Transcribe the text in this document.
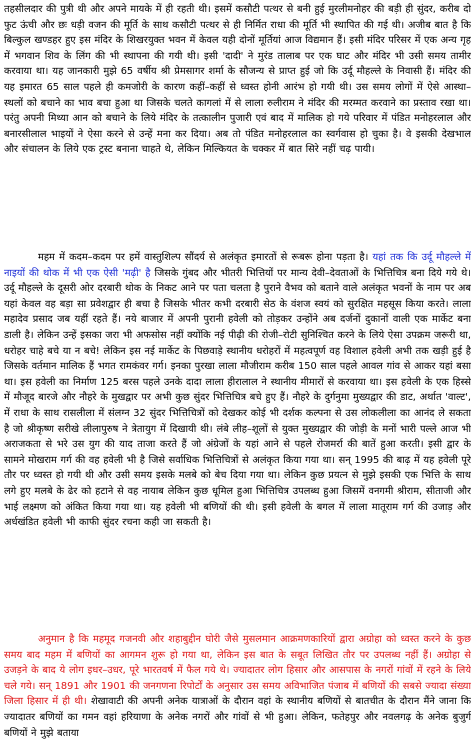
तहसीलदार की पुत्री थी और अपने मायके में ही रहती थी। इसमें कसौटी पत्थर से बनी हुई मुरलीमनोहर की बड़ी ही सुंदर, करीब दो फुट ऊंची और छः धड़ी वजन की मूर्ति के साथ कसौटी पत्थर से ही निर्मित राधा की मूर्ति भी स्थापित की गई थी। अजीब बात है कि बिल्कुल खण्डहर हुए इस मंदिर के शिखरयुक्त भवन में केवल यही दोनों मूर्तियां आज विद्यमान हैं। इसी मंदिर परिसर में एक अन्य गृह में भगवान शिव के लिंग की भी स्थापना की गयी थी। इसी 'दादी' ने मुरंड तालाब पर एक घाट और मंदिर भी उसी समय तामीर करवाया था। यह जानकारी मुझे 65 वर्षीय श्री प्रेमसागर शर्मा के सौजन्य से प्राप्त हुई जो कि उर्दू मौहल्ले के निवासी हैं। मंदिर की यह इमारत 65 साल पहले ही कमजोरी के कारण कहीं–कहीं से ध्वस्त होनी आरंभ हो गयी थी। उस समय लोगों में ऐसे आस्था–स्थलों को बचाने का भाव बचा हुआ था जिसके चलते कागलां में से लाला रुलीराम ने मंदिर की मरम्मत करवाने का प्रस्ताव रखा था। परंतु अपनी मिथ्या आन को बचाने के लिये मंदिर के तत्कालीन पुजारी एवं बाद में मालिक हो गये परिवार में पंडित मनोहरलाल और बनारसीलाल भाइयों ने ऐसा करने से उन्हें मना कर दिया। अब तो पंडित मनोहरलाल का स्वर्गवास हो चुका है। वे इसकी देखभाल और संचालन के लिये एक ट्रस्ट बनाना चाहते थे, लेकिन मिल्कियत के चक्कर में बात सिरे नहीं चढ़ पायी।

महम में कदम–कदम पर हमें वास्तुशिल्प सौंदर्य से अलंकृत इमारतों से रूबरू होना पड़ता है। यहां तक कि उर्दू मौहल्ले में नाइयों की थोक में भी एक ऐसी 'मढ़ी' है जिसके गुंबद और भीतरी भित्तियों पर मान्य देवी–देवताओं के भित्तिचित्र बना दिये गये थे। उर्दू मौहल्ले के दूसरी ओर दरबारी थोक के निकट आने पर पता चलता है पुराने वैभव को बताने वाले अलंकृत भवनों के नाम पर अब यहां केवल वह बड़ा सा प्रवेशद्वार ही बचा है जिसके भीतर कभी दरबारी सेठ के वंशज स्वयं को सुरक्षित महसूस किया करते। लाला महादेव प्रसाद जब यहीं रहते हैं। नये बाजार में अपनी पुरानी हवेली को तोड़कर उन्होंने अब दर्जनों दुकानों वाली एक मार्केट बना डाली है। लेकिन उन्हें इसका जरा भी अफसोस नहीं क्योंकि नई पीढ़ी की रोजी–रोटी सुनिश्चित करने के लिये ऐसा उपक्रम जरूरी था, धरोहर चाहे बचे या न बचे! लेकिन इस नई मार्केट के पिछवाड़े स्थानीय धरोहरों में महत्वपूर्ण वह विशाल हवेली अभी तक खड़ी हुई है जिसके वर्तमान मालिक हैं भगत रामकंवर गर्ग। इनका पुरखा लाला मौजीराम करीब 150 साल पहले आवल गांव से आकर यहां बसा था। इस हवेली का निर्माण 125 बरस पहले उनके दादा लाला हीरालाल ने स्थानीय मीमारों से करवाया था। इस हवेली के एक हिस्से में मौजूद बारजे और नौहरे के मुखद्वार पर अभी कुछ सुंदर भित्तिचित्र बचे हुए हैं। नौहरे के दुर्गनुमा मुख्यद्वार की डाट, अर्थात 'वाल्ट', में राधा के साथ रासलीला में संलग्न 32 सुंदर भित्तिचित्रों को देखकर कोई भी दर्शक कल्पना से उस लोकलीला का आनंद ले सकता है जो श्रीकृष्ण सरीखे लीलापुरुष ने त्रेतायुग में दिखायी थी। लंबे लीह–शूलों से युक्त मुख्यद्वार की जोड़ी के मनों भारी पल्ले आज भी अराजकता से भरे उस युग की याद ताजा करते हैं जो अंग्रेजों के यहां आने से पहले रोजमर्रा की बातें हुआ करती। इसी द्वार के सामने मोखराम गर्ग की वह हवेली भी है जिसे सर्वाधिक भित्तिचित्रों से अलंकृत किया गया था। सन् 1995 की बाढ़ में यह हवेली पूरे तौर पर ध्वस्त हो गयी थी और उसी समय इसके मलबे को बेच दिया गया था। लेकिन कुछ प्रयत्न से मुझे इसकी एक भित्ति के साथ लगे हुए मलबे के ढेर को हटाने से वह नायाब लेकिन कुछ धूमिल हुआ भित्तिचित्र उपलब्ध हुआ जिसमें वनगमी श्रीराम, सीताजी और भाई लक्ष्मण को अंकित किया गया था। यह हवेली भी बणियों की थी। इसी हवेली के बगल में लाला मातूराम गर्ग की उजाड़ और अर्धखंडित हवेली भी काफी सुंदर रचना कही जा सकती है।

अनुमान है कि महमूद गजनवी और शहाबुद्दीन घोरी जैसे मुसलमान आक्रमणकारियों द्वारा अग्रोहा को ध्वस्त करने के कुछ समय बाद महम में बणियों का आगमन शुरू हो गया था, लेकिन इस बात के सबूत लिखित तौर पर उपलब्ध नहीं हैं। अग्रोहा से उजड़ने के बाद ये लोग इधर–उधर, पूरे भारतवर्ष में फैल गये थे। ज्यादातर लोग हिसार और आसपास के नगरों गांवों में रहने के लिये चले गये। सन् 1891 और 1901 की जनगणना रिपोर्टों के अनुसार उस समय अविभाजित पंजाब में बणियों की सबसे ज्यादा संख्या जिला हिसार में ही थी। शेखावाटी की अपनी अनेक यात्राओं के दौरान वहां के स्थानीय बणियों से बातचीत के दौरान मैंने जाना कि ज्यादातर बणियों का गमन वहां हरियाणा के अनेक नगरों और गांवों से भी हुआ। लेकिन, फतेहपुर और नवलगढ़ के अनेक बुजुर्ग बणियों ने मुझे बताया
